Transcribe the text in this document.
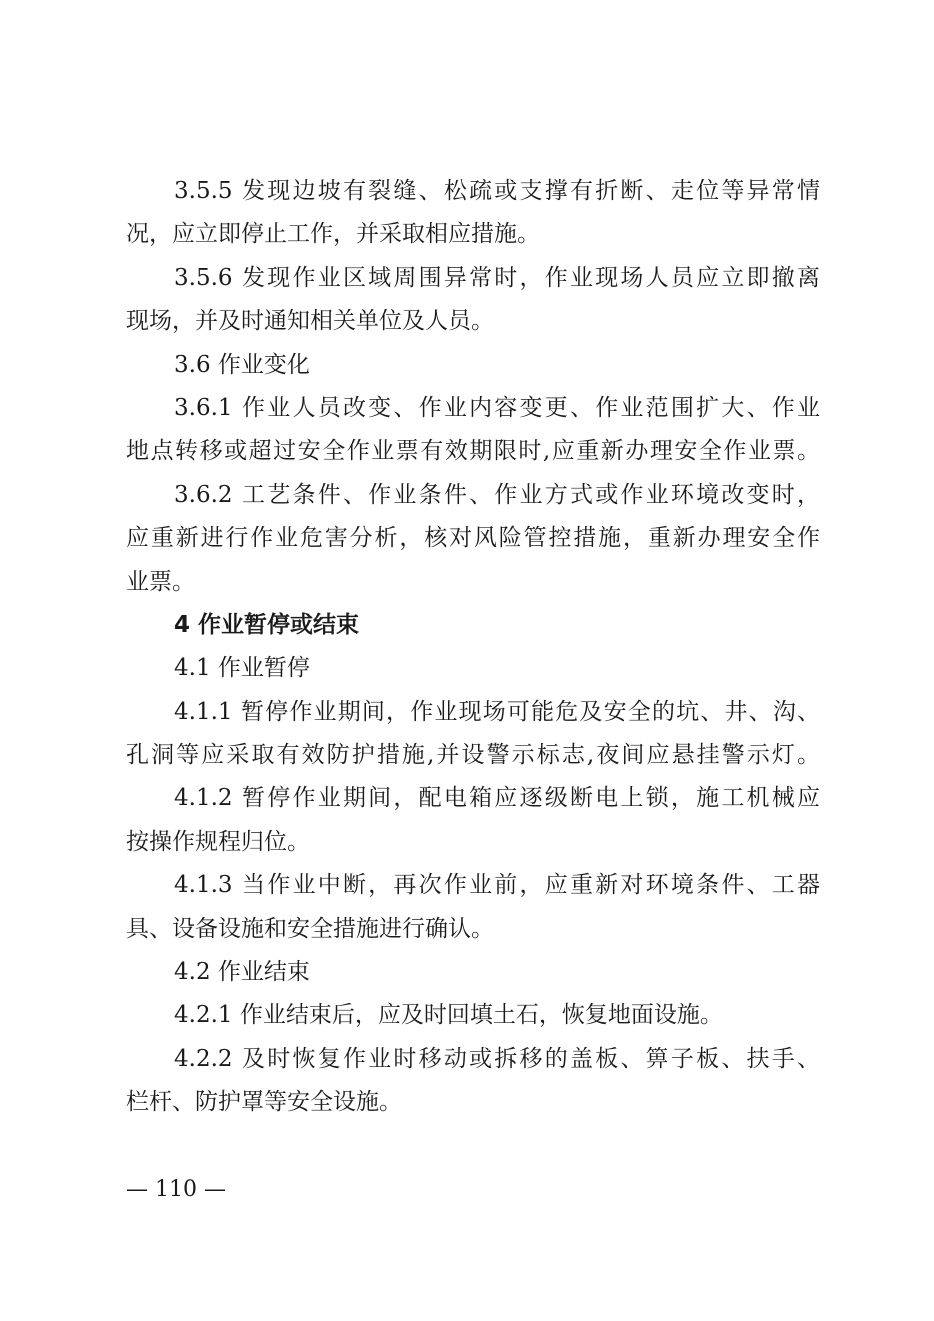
3.5.5 发现边坡有裂缝、松疏或支撑有折断、走位等异常情
况，应立即停止工作，并采取相应措施。
3.5.6 发现作业区域周围异常时，作业现场人员应立即撤离
现场，并及时通知相关单位及人员。
3.6 作业变化
3.6.1 作业人员改变、作业内容变更、作业范围扩大、作业
地点转移或超过安全作业票有效期限时,应重新办理安全作业票。
3.6.2 工艺条件、作业条件、作业方式或作业环境改变时，
应重新进行作业危害分析，核对风险管控措施，重新办理安全作
业票。
4 作业暂停或结束
4.1 作业暂停
4.1.1 暂停作业期间，作业现场可能危及安全的坑、井、沟、
孔洞等应采取有效防护措施,并设警示标志,夜间应悬挂警示灯。
4.1.2 暂停作业期间，配电箱应逐级断电上锁，施工机械应
按操作规程归位。
4.1.3 当作业中断，再次作业前，应重新对环境条件、工器
具、设备设施和安全措施进行确认。
4.2 作业结束
4.2.1 作业结束后，应及时回填土石，恢复地面设施。
4.2.2 及时恢复作业时移动或拆移的盖板、箅子板、扶手、
栏杆、防护罩等安全设施。
— 110 —
